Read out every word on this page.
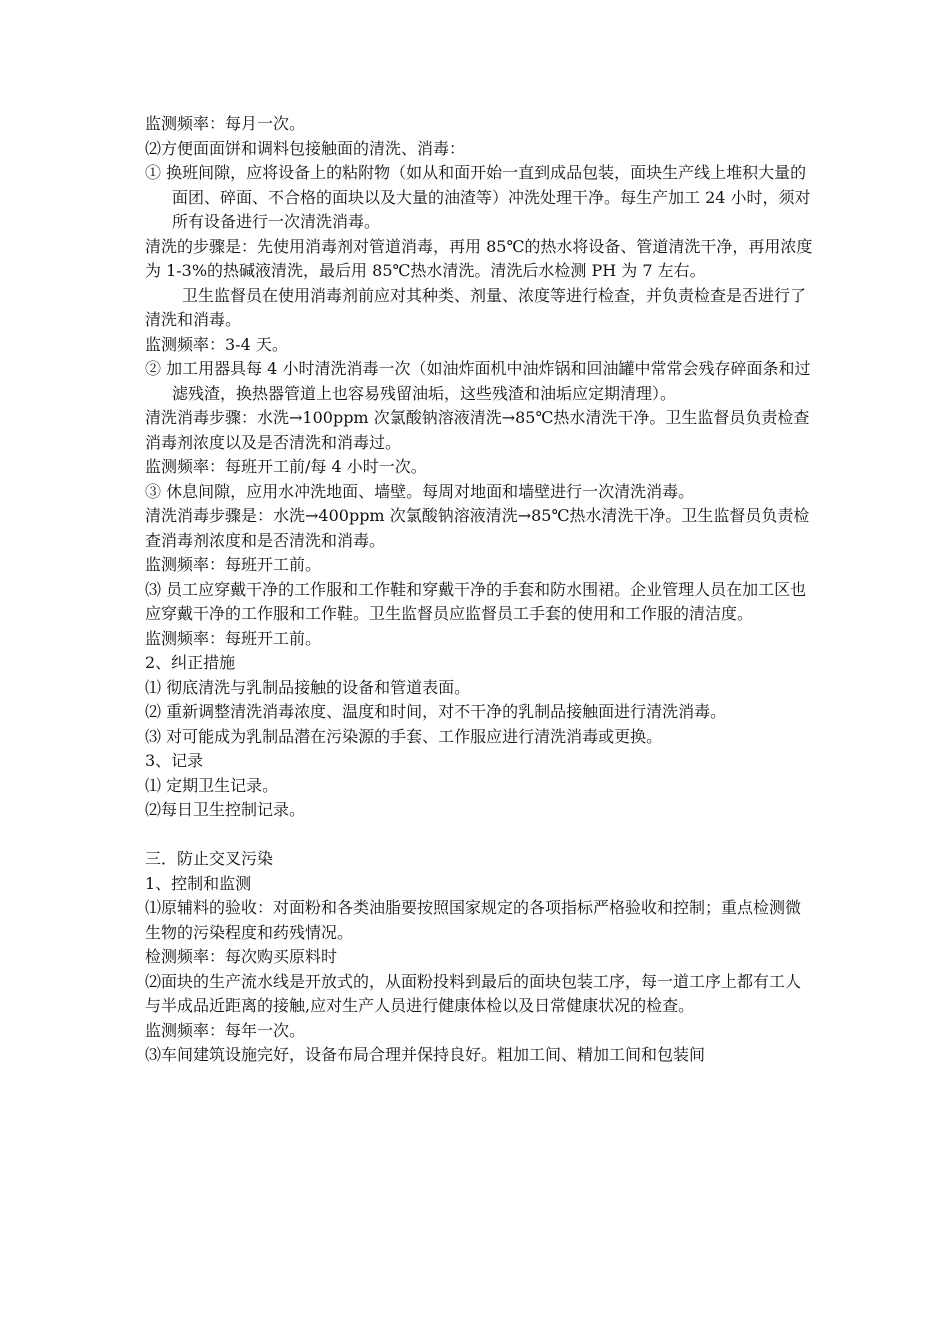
监测频率：每月一次。

⑵方便面面饼和调料包接触面的清洗、消毒：

① 换班间隙，应将设备上的粘附物（如从和面开始一直到成品包装，面块生产线上堆积大量的面团、碎面、不合格的面块以及大量的油渣等）冲洗处理干净。每生产加工 24 小时，须对所有设备进行一次清洗消毒。

清洗的步骤是：先使用消毒剂对管道消毒，再用 85℃的热水将设备、管道清洗干净，再用浓度为 1-3%的热碱液清洗，最后用 85℃热水清洗。清洗后水检测 PH 为 7 左右。

卫生监督员在使用消毒剂前应对其种类、剂量、浓度等进行检查，并负责检查是否进行了清洗和消毒。

监测频率：3-4 天。

② 加工用器具每 4 小时清洗消毒一次（如油炸面机中油炸锅和回油罐中常常会残存碎面条和过滤残渣，换热器管道上也容易残留油垢，这些残渣和油垢应定期清理）。

清洗消毒步骤：水洗→100ppm 次氯酸钠溶液清洗→85℃热水清洗干净。卫生监督员负责检查消毒剂浓度以及是否清洗和消毒过。

监测频率：每班开工前/每 4 小时一次。

③ 休息间隙，应用水冲洗地面、墙壁。每周对地面和墙壁进行一次清洗消毒。

清洗消毒步骤是：水洗→400ppm 次氯酸钠溶液清洗→85℃热水清洗干净。卫生监督员负责检查消毒剂浓度和是否清洗和消毒。

监测频率：每班开工前。

⑶ 员工应穿戴干净的工作服和工作鞋和穿戴干净的手套和防水围裙。企业管理人员在加工区也应穿戴干净的工作服和工作鞋。卫生监督员应监督员工手套的使用和工作服的清洁度。

监测频率：每班开工前。

2、纠正措施

⑴ 彻底清洗与乳制品接触的设备和管道表面。

⑵ 重新调整清洗消毒浓度、温度和时间，对不干净的乳制品接触面进行清洗消毒。

⑶ 对可能成为乳制品潜在污染源的手套、工作服应进行清洗消毒或更换。

3、记录

⑴ 定期卫生记录。

⑵每日卫生控制记录。

三．防止交叉污染

1、控制和监测

⑴原辅料的验收：对面粉和各类油脂要按照国家规定的各项指标严格验收和控制；重点检测微生物的污染程度和药残情况。

检测频率：每次购买原料时

⑵面块的生产流水线是开放式的，从面粉投料到最后的面块包装工序，每一道工序上都有工人与半成品近距离的接触,应对生产人员进行健康体检以及日常健康状况的检查。

监测频率：每年一次。

⑶车间建筑设施完好，设备布局合理并保持良好。粗加工间、精加工间和包装间
